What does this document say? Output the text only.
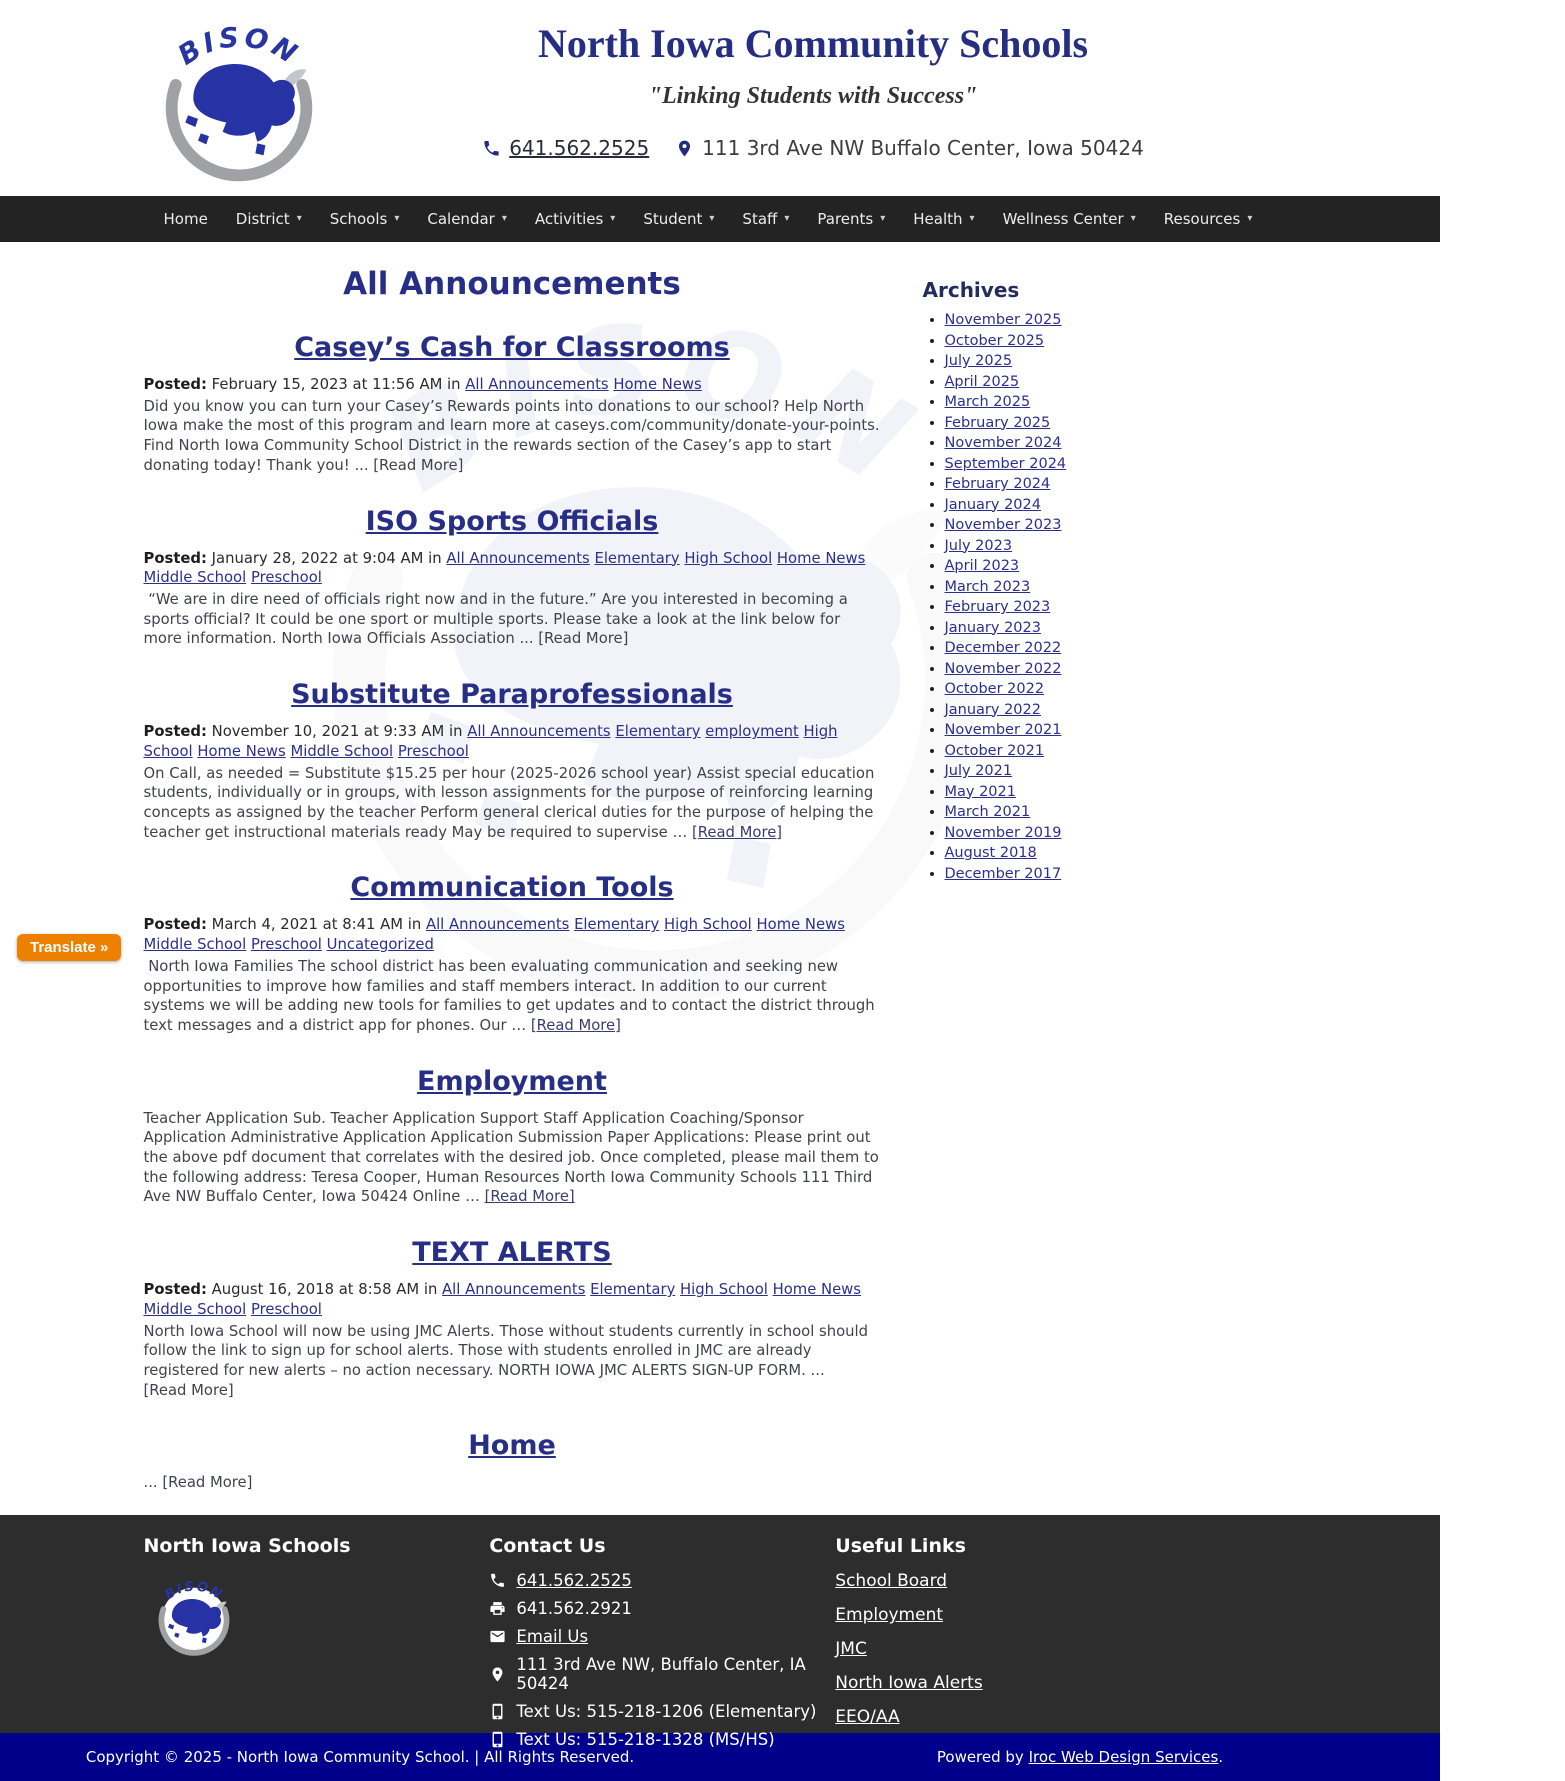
North Iowa Community Schools
"Linking Students with Success"
641.562.2525	111 3rd Ave NW Buffalo Center, Iowa 50424
Home District ▾ Schools ▾ Calendar ▾ Activities ▾ Student ▾ Staff ▾ Parents ▾ Health ▾ Wellness Center ▾ Resources ▾
All Announcements
Casey’s Cash for Classrooms

Posted: February 15, 2023 at 11:56 AM in All Announcements Home News

Did you know you can turn your Casey’s Rewards points into donations to our school? Help North Iowa make the most of this program and learn more at caseys.com/community/donate-your-points. Find North Iowa Community School District in the rewards section of the Casey’s app to start donating today! Thank you! ... [Read More]

ISO Sports Officials

Posted: January 28, 2022 at 9:04 AM in All Announcements Elementary High School Home News Middle School Preschool

“We are in dire need of officials right now and in the future.” Are you interested in becoming a sports official? It could be one sport or multiple sports. Please take a look at the link below for more information. North Iowa Officials Association ... [Read More]

Substitute Paraprofessionals

Posted: November 10, 2021 at 9:33 AM in All Announcements Elementary employment High School Home News Middle School Preschool

On Call, as needed = Substitute $15.25 per hour (2025-2026 school year) Assist special education students, individually or in groups, with lesson assignments for the purpose of reinforcing learning concepts as assigned by the teacher Perform general clerical duties for the purpose of helping the teacher get instructional materials ready May be required to supervise … [Read More]

Communication Tools

Posted: March 4, 2021 at 8:41 AM in All Announcements Elementary High School Home News Middle School Preschool Uncategorized

North Iowa Families The school district has been evaluating communication and seeking new opportunities to improve how families and staff members interact. In addition to our current systems we will be adding new tools for families to get updates and to contact the district through text messages and a district app for phones. Our … [Read More]

Employment

Teacher Application Sub. Teacher Application Support Staff Application Coaching/Sponsor Application Administrative Application Application Submission Paper Applications: Please print out the above pdf document that correlates with the desired job. Once completed, please mail them to the following address: Teresa Cooper, Human Resources North Iowa Community Schools 111 Third Ave NW Buffalo Center, Iowa 50424 Online … [Read More]

TEXT ALERTS

Posted: August 16, 2018 at 8:58 AM in All Announcements Elementary High School Home News Middle School Preschool

North Iowa School will now be using JMC Alerts. Those without students currently in school should follow the link to sign up for school alerts. Those with students enrolled in JMC are already registered for new alerts – no action necessary. NORTH IOWA JMC ALERTS SIGN-UP FORM. ... [Read More]

Home

... [Read More]

Archives
• November 2025
• October 2025
• July 2025
• April 2025
• March 2025
• February 2025
• November 2024
• September 2024
• February 2024
• January 2024
• November 2023
• July 2023
• April 2023
• March 2023
• February 2023
• January 2023
• December 2022
• November 2022
• October 2022
• January 2022
• November 2021
• October 2021
• July 2021
• May 2021
• March 2021
• November 2019
• August 2018
• December 2017
North Iowa Schools	Contact Us
641.562.2525
641.562.2921
Email Us
111 3rd Ave NW, Buffalo Center, IA 50424
Text Us: 515-218-1206 (Elementary)
Text Us: 515-218-1328 (MS/HS)
Useful Links
School Board
Employment
JMC
North Iowa Alerts
EEO/AA
Copyright © 2025 - North Iowa Community School. | All Rights Reserved.	Powered by Iroc Web Design Services.
Translate »
